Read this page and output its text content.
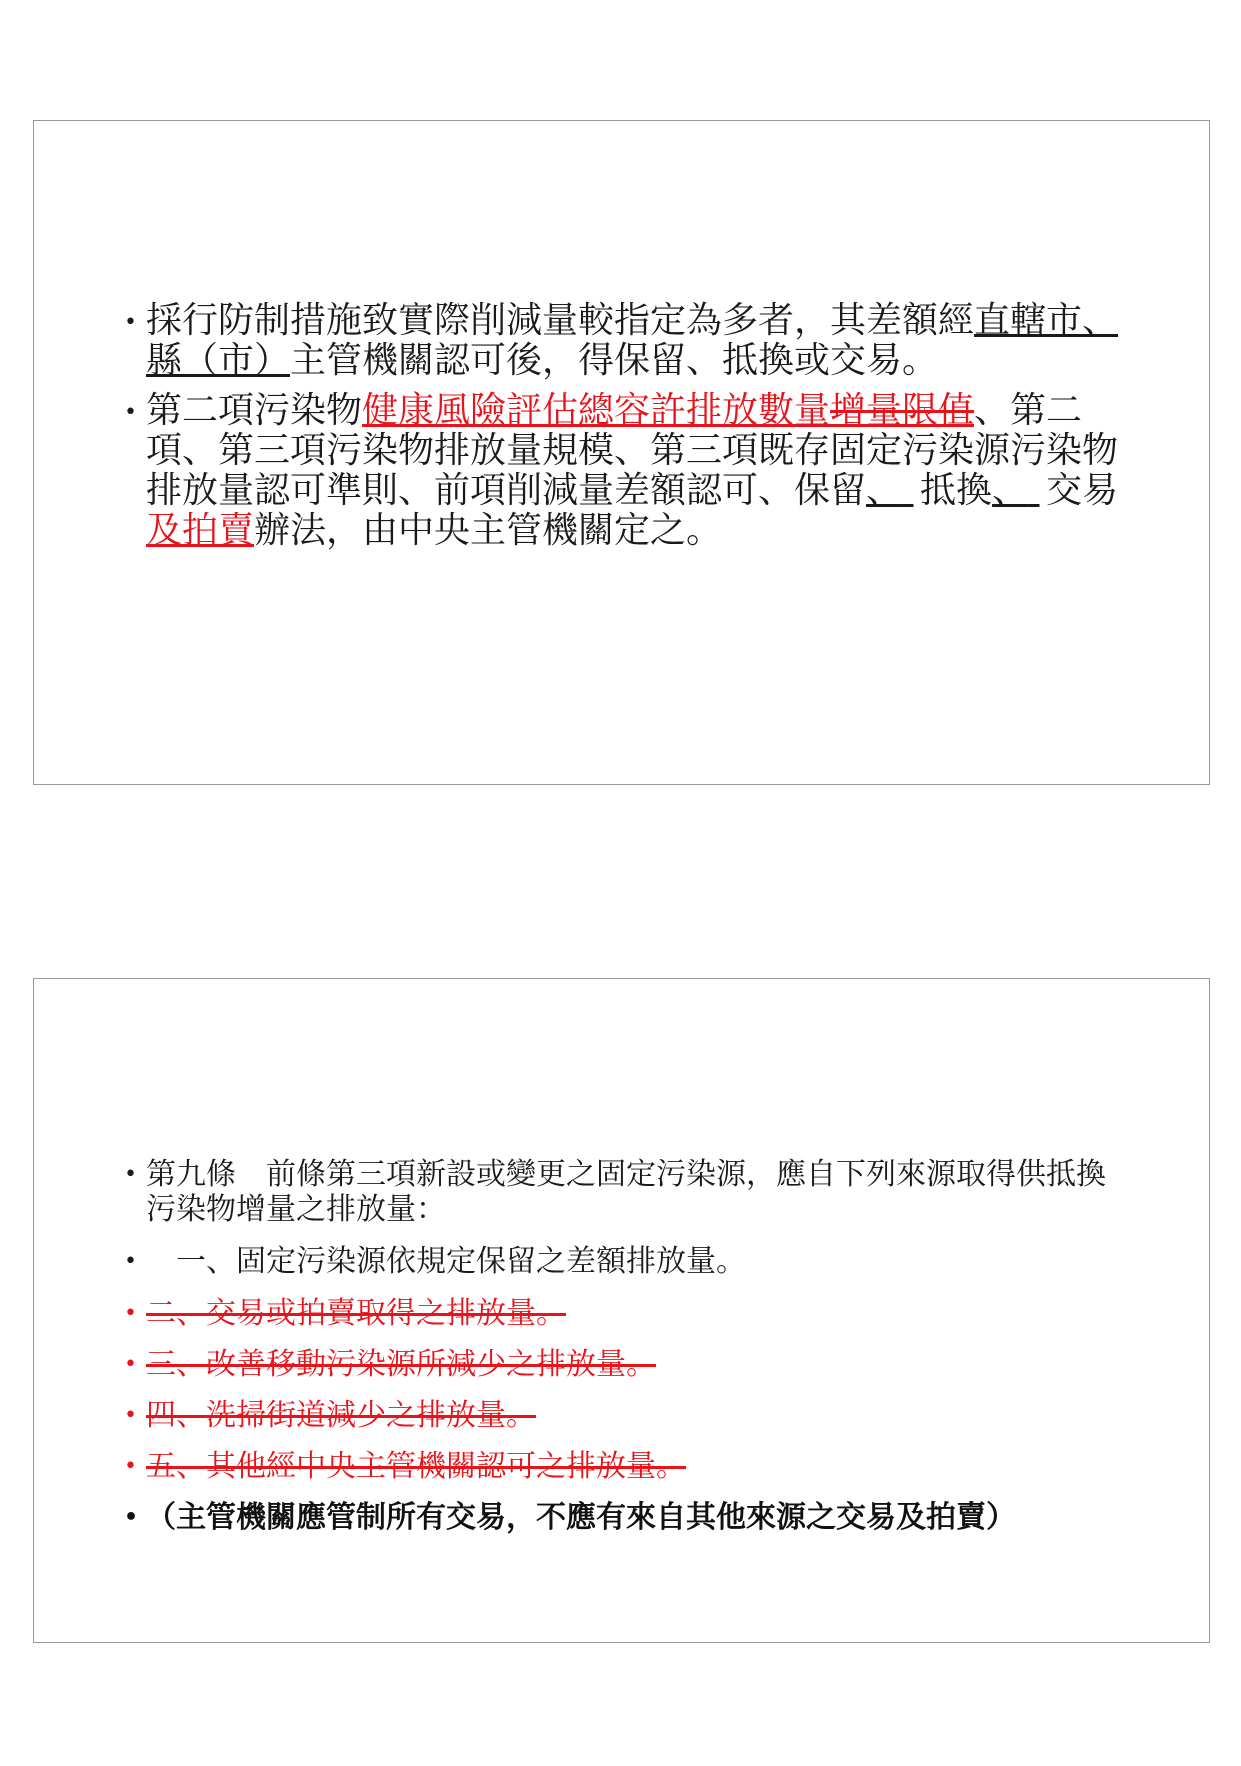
• 採行防制措施致實際削減量較指定為多者，其差額經直轄市、縣（市）主管機關認可後，得保留、抵換或交易。
• 第二項污染物健康風險評估總容許排放數量增量限值、第二項、第三項污染物排放量規模、第三項既存固定污染源污染物排放量認可準則、前項削減量差額認可、保留、 抵換、 交易及拍賣辦法，由中央主管機關定之。
• 第九條　前條第三項新設或變更之固定污染源，應自下列來源取得供抵換污染物增量之排放量：
• 　一、固定污染源依規定保留之差額排放量。
• 二、交易或拍賣取得之排放量。
• 三、改善移動污染源所減少之排放量。
• 四、洗掃街道減少之排放量。
• 五、其他經中央主管機關認可之排放量。
• （主管機關應管制所有交易，不應有來自其他來源之交易及拍賣）
